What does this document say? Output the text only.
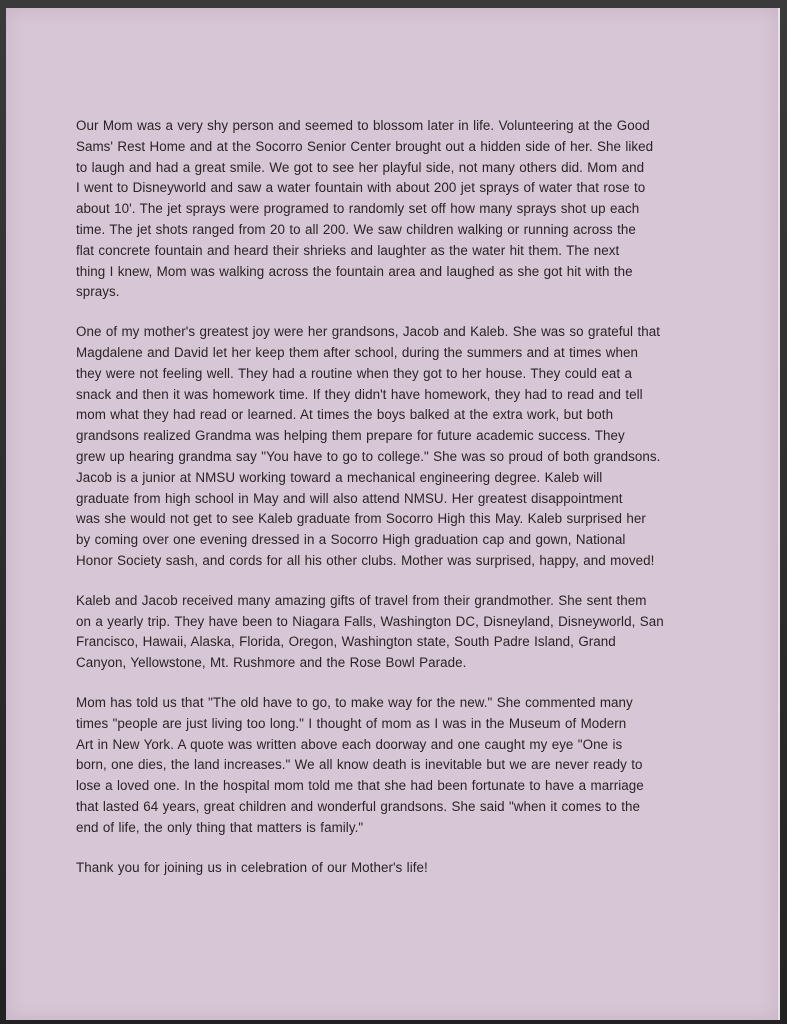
Our Mom was a very shy person and seemed to blossom later in life. Volunteering at the Good
Sams' Rest Home and at the Socorro Senior Center brought out a hidden side of her. She liked
to laugh and had a great smile. We got to see her playful side, not many others did. Mom and
I went to Disneyworld and saw a water fountain with about 200 jet sprays of water that rose to
about 10'. The jet sprays were programed to randomly set off how many sprays shot up each
time. The jet shots ranged from 20 to all 200. We saw children walking or running across the
flat concrete fountain and heard their shrieks and laughter as the water hit them. The next
thing I knew, Mom was walking across the fountain area and laughed as she got hit with the
sprays.

One of my mother's greatest joy were her grandsons, Jacob and Kaleb. She was so grateful that
Magdalene and David let her keep them after school, during the summers and at times when
they were not feeling well. They had a routine when they got to her house. They could eat a
snack and then it was homework time. If they didn't have homework, they had to read and tell
mom what they had read or learned. At times the boys balked at the extra work, but both
grandsons realized Grandma was helping them prepare for future academic success. They
grew up hearing grandma say "You have to go to college." She was so proud of both grandsons.
Jacob is a junior at NMSU working toward a mechanical engineering degree. Kaleb will
graduate from high school in May and will also attend NMSU. Her greatest disappointment
was she would not get to see Kaleb graduate from Socorro High this May. Kaleb surprised her
by coming over one evening dressed in a Socorro High graduation cap and gown, National
Honor Society sash, and cords for all his other clubs. Mother was surprised, happy, and moved!

Kaleb and Jacob received many amazing gifts of travel from their grandmother. She sent them
on a yearly trip. They have been to Niagara Falls, Washington DC, Disneyland, Disneyworld, San
Francisco, Hawaii, Alaska, Florida, Oregon, Washington state, South Padre Island, Grand
Canyon, Yellowstone, Mt. Rushmore and the Rose Bowl Parade.

Mom has told us that "The old have to go, to make way for the new." She commented many
times "people are just living too long." I thought of mom as I was in the Museum of Modern
Art in New York. A quote was written above each doorway and one caught my eye "One is
born, one dies, the land increases." We all know death is inevitable but we are never ready to
lose a loved one. In the hospital mom told me that she had been fortunate to have a marriage
that lasted 64 years, great children and wonderful grandsons. She said "when it comes to the
end of life, the only thing that matters is family."

Thank you for joining us in celebration of our Mother's life!
